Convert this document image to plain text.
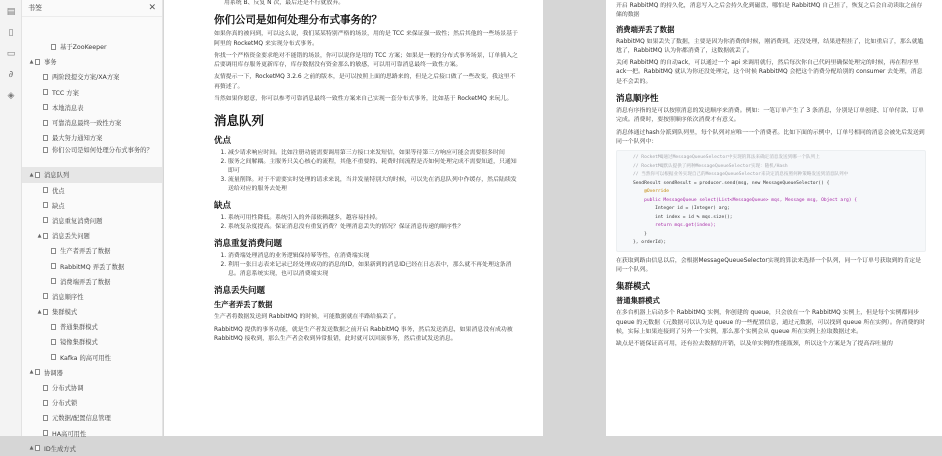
▤
▯
▭
∂
◈
书签	✕
基于ZooKeeper
▲ 事务
两阶段提交方案/XA方案
TCC 方案
本地消息表
可靠消息最终一致性方案
最大努力通知方案
你们公司是如何处理分布式事务的？
▲ 消息队列
优点
缺点
消息重复消费问题
▲ 消息丢失问题
生产者弄丢了数据
RabbitMQ 弄丢了数据
消费端弄丢了数据
消息顺序性
▲ 集群模式
普通集群模式
镜像集群模式
Kafka 的高可用性
▲ 协调器
分布式协调
分布式锁
元数据/配置信息管理
HA高可用性
▲ ID生成方式

用系统 B、反复 N 次，最后还是不行就放弃。

你们公司是如何处理分布式事务的？

如果你真的被问到，可以这么说，我们某某特别严格的场景，用的是 TCC 来保证强一致性；然后其他的一些场景基于阿里的 RocketMQ 来实现分布式事务。

你找一个严格资金要求绝对不能错的场景，你可以说你是用的 TCC 方案；如果是一般的分布式事务场景，订单插入之后要调用库存服务更新库存，库存数据没有资金那么的敏感，可以用可靠消息最终一致性方案。

友情提示一下，RocketMQ 3.2.6 之前的版本，是可以按照上面的思路来的，但是之后接口做了一些改变，我这里不再赘述了。

当然如果你愿意，你可以参考可靠消息最终一致性方案来自己实现一套分布式事务，比如基于 RocketMQ 来玩儿。

消息队列
优点
1. 减少请求响应时间。比如注册功能需要调用第三方接口来发短信，如果等待第三方响应可能会需要很多时间
2. 服务之间解耦。主服务只关心核心的流程，其他不重要的、耗费时间流程是否如何处理完成不需要知道，只通知即可
3. 流量削锋。对于不需要实时处理的请求来说，当并发量特别大的时候，可以先在消息队列中作缓存，然后陆续发送给对应的服务去处理
缺点
1. 系统可用性降低。系统引入的外部依赖越多，越容易挂掉。
2. 系统复杂度提高。保证消息没有重复消费？处理消息丢失的情况？保证消息传递的顺序性？
消息重复消费问题
1. 消费端处理消息的业务逻辑保持幂等性，在消费端实现
2. 利用一张日志表来记录已经处理成功的消息的ID，如果新到的消息ID已经在日志表中，那么就不再处理这条消息。消息系统实现，也可以消费端实现
消息丢失问题
生产者弄丢了数据

生产者将数据发送到 RabbitMQ 的时候，可能数据就在半路给搞丢了。

RabbitMQ 提供的事务功能，就是生产者发送数据之前开启 RabbitMQ 事务，然后发送消息，如果消息没有成功被 RabbitMQ 接收到，那么生产者会收到异常报错，此时就可以回滚事务，然后重试发送消息。

开启 RabbitMQ 的持久化，消息写入之后会持久化到磁盘，哪怕是 RabbitMQ 自己挂了，恢复之后会自动读取之前存储的数据

消费端弄丢了数据

RabbitMQ 如果丢失了数据，主要是因为你消费的时候，刚消费到，还没处理，结果进程挂了，比如重启了，那么就尴尬了，RabbitMQ 认为你都消费了，这数据就丢了。

关闭 RabbitMQ 的自动ack，可以通过一个 api 来调用就行，然后每次你自己代码里确保处理完的时候，再在程序里ack一把。RabbitMQ 就认为你还没处理完，这个时候 RabbitMQ 会把这个消费分配给别的 consumer 去处理，消息是不会丢的。

消息顺序性

消息有序指的是可以按照消息的发送顺序来消费。例如：一笔订单产生了 3 条消息，分别是订单创建、订单付款、订单完成。消费时，要按照顺序依次消费才有意义。

消息体通过hash分派到队列里，每个队列对应唯一一个消费者。比如下面的示例中，订单号相同的消息会被先后发送到同一个队列中：

// RocketMQ通过MessageQueueSelector中实现的算法来确定消息发送到哪一个队列上
// RocketMQ默认提供了两种MessageQueueSelector实现：随机/Hash
// 当然你可以根据业务实现自己的MessageQueueSelector来决定消息按照何种策略发送到消息队列中
SendResult sendResult = producer.send(msg, new MessageQueueSelector() {
@Override
public MessageQueue select(List<MessageQueue> mqs, Message msg, Object arg) {
Integer id = (Integer) arg;
int index = id % mqs.size();
return mqs.get(index);
}
}, orderId);

在获取到路由信息以后，会根据MessageQueueSelector实现的算法来选择一个队列，同一个订单号获取到的肯定是同一个队列。

集群模式
普通集群模式

在多台机器上启动多个 RabbitMQ 实例，你创建的 queue，只会放在一个 RabbitMQ 实例上，但是每个实例都同步 queue 的元数据（元数据可以认为是 queue 的一些配置信息，通过元数据，可以找到 queue 所在实例）。你消费的时候，实际上如果连接到了另外一个实例，那么那个实例会从 queue 所在实例上拉取数据过来。

缺点是不能保证高可用，还有拉去数据的开销，以及单实例的性能瓶颈，所以这个方案是为了提高吞吐量的
